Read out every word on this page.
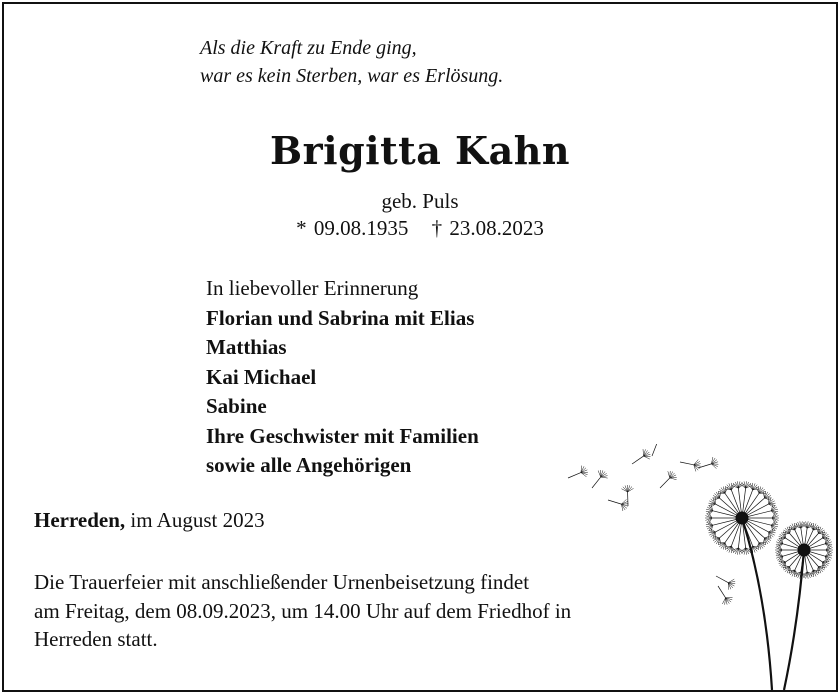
Als die Kraft zu Ende ging,
war es kein Sterben, war es Erlösung.
Brigitta Kahn
geb. Puls
* 09.08.1935 † 23.08.2023
In liebevoller Erinnerung
Florian und Sabrina mit Elias
Matthias
Kai Michael
Sabine
Ihre Geschwister mit Familien
sowie alle Angehörigen
Herreden, im August 2023
Die Trauerfeier mit anschließender Urnenbeisetzung findet
am Freitag, dem 08.09.2023, um 14.00 Uhr auf dem Friedhof in
Herreden statt.
